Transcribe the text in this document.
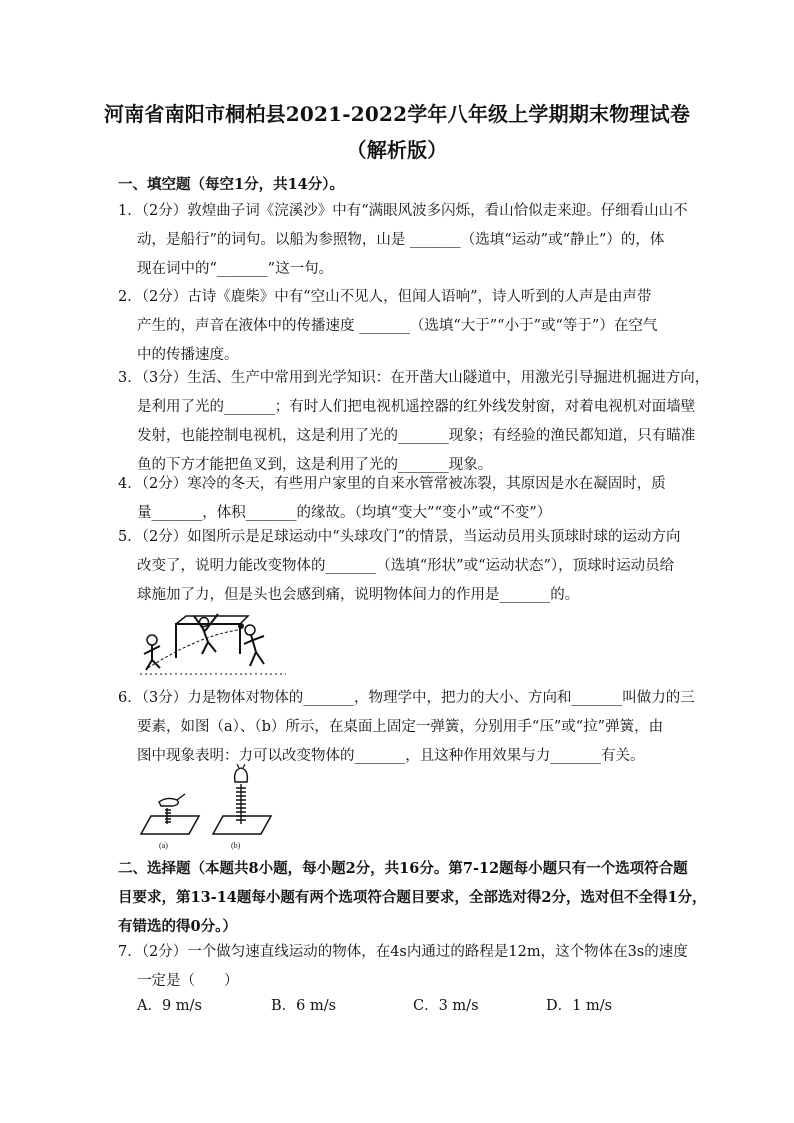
河南省南阳市桐柏县2021-2022学年八年级上学期期末物理试卷
（解析版）
一、填空题（每空1分，共14分）。
1．（2分）敦煌曲子词《浣溪沙》中有“满眼风波多闪烁，看山恰似走来迎。仔细看山山不
动，是船行”的词句。以船为参照物，山是 _______（选填“运动”或“静止”）的，体
现在词中的“_______”这一句。
2．（2分）古诗《鹿柴》中有“空山不见人，但闻人语响”，诗人听到的人声是由声带
产生的，声音在液体中的传播速度 _______（选填“大于”“小于”或“等于”）在空气
中的传播速度。
3．（3分）生活、生产中常用到光学知识：在开凿大山隧道中，用激光引导掘进机掘进方向，
是利用了光的_______；有时人们把电视机遥控器的红外线发射窗，对着电视机对面墙壁
发射，也能控制电视机，这是利用了光的_______现象；有经验的渔民都知道，只有瞄准
鱼的下方才能把鱼叉到，这是利用了光的_______现象。
4．（2分）寒冷的冬天，有些用户家里的自来水管常被冻裂，其原因是水在凝固时，质
量_______，体积_______的缘故。（均填“变大”“变小”或“不变”）
5．（2分）如图所示是足球运动中“头球攻门”的情景，当运动员用头顶球时球的运动方向
改变了，说明力能改变物体的_______（选填“形状”或“运动状态”），顶球时运动员给
球施加了力，但是头也会感到痛，说明物体间力的作用是_______的。
6．（3分）力是物体对物体的_______，物理学中，把力的大小、方向和_______叫做力的三
要素，如图（a）、（b）所示，在桌面上固定一弹簧，分别用手“压”或“拉”弹簧，由
图中现象表明：力可以改变物体的_______，且这种作用效果与力_______有关。
(a)	(b)
二、选择题（本题共8小题，每小题2分，共16分。第7-12题每小题只有一个选项符合题
目要求，第13-14题每小题有两个选项符合题目要求，全部选对得2分，选对但不全得1分，
有错选的得0分。）
7．（2分）一个做匀速直线运动的物体，在4s内通过的路程是12m，这个物体在3s的速度
一定是（　　）
A．9 m/s	B．6 m/s	C．3 m/s	D．1 m/s
